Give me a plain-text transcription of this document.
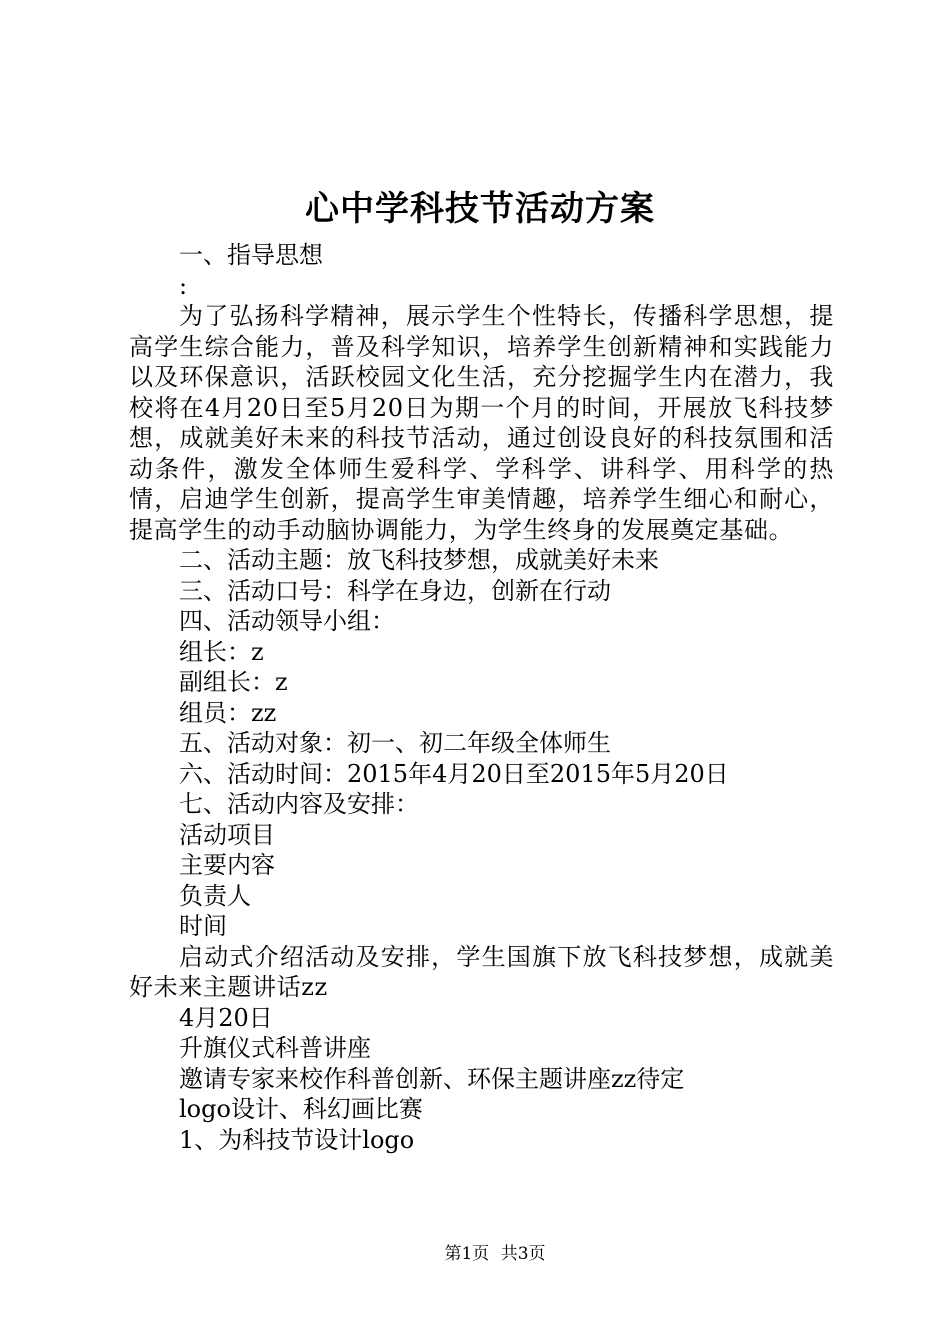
心中学科技节活动方案
一、指导思想
:
为了弘扬科学精神，展示学生个性特长，传播科学思想，提高学生综合能力，普及科学知识，培养学生创新精神和实践能力以及环保意识，活跃校园文化生活，充分挖掘学生内在潜力，我校将在4月20日至5月20日为期一个月的时间，开展放飞科技梦想，成就美好未来的科技节活动，通过创设良好的科技氛围和活动条件，激发全体师生爱科学、学科学、讲科学、用科学的热情，启迪学生创新，提高学生审美情趣，培养学生细心和耐心，提高学生的动手动脑协调能力，为学生终身的发展奠定基础。
二、活动主题：放飞科技梦想，成就美好未来
三、活动口号：科学在身边，创新在行动
四、活动领导小组：
组长：z
副组长：z
组员：zz
五、活动对象：初一、初二年级全体师生
六、活动时间：2015年4月20日至2015年5月20日
七、活动内容及安排：
活动项目
主要内容
负责人
时间
启动式介绍活动及安排，学生国旗下放飞科技梦想，成就美好未来主题讲话zz
4月20日
升旗仪式科普讲座
邀请专家来校作科普创新、环保主题讲座zz待定
logo设计、科幻画比赛
1、为科技节设计logo
第1页 共3页
